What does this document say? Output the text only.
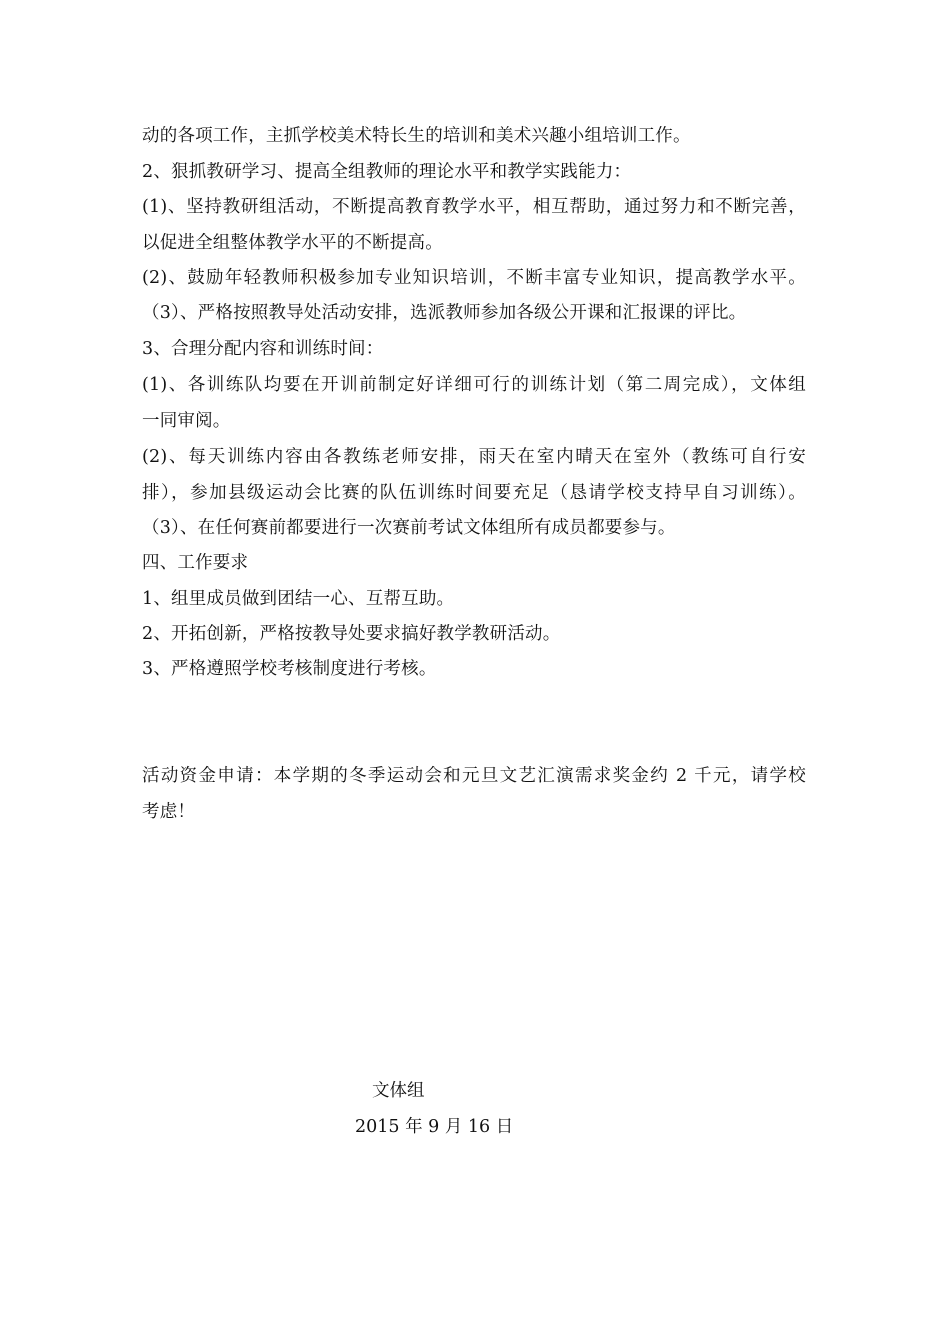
动的各项工作，主抓学校美术特长生的培训和美术兴趣小组培训工作。
2、狠抓教研学习、提高全组教师的理论水平和教学实践能力：
(1)、坚持教研组活动，不断提高教育教学水平，相互帮助，通过努力和不断完善，
以促进全组整体教学水平的不断提高。
(2)、鼓励年轻教师积极参加专业知识培训，不断丰富专业知识，提高教学水平。
（3）、严格按照教导处活动安排，选派教师参加各级公开课和汇报课的评比。
3、合理分配内容和训练时间：
(1)、各训练队均要在开训前制定好详细可行的训练计划（第二周完成），文体组
一同审阅。
(2)、每天训练内容由各教练老师安排，雨天在室内晴天在室外（教练可自行安
排），参加县级运动会比赛的队伍训练时间要充足（恳请学校支持早自习训练）。
（3）、在任何赛前都要进行一次赛前考试文体组所有成员都要参与。
四、工作要求
1、组里成员做到团结一心、互帮互助。
2、开拓创新，严格按教导处要求搞好教学教研活动。
3、严格遵照学校考核制度进行考核。
活动资金申请：本学期的冬季运动会和元旦文艺汇演需求奖金约 2 千元，请学校
考虑！
文体组
2015 年 9 月 16 日
